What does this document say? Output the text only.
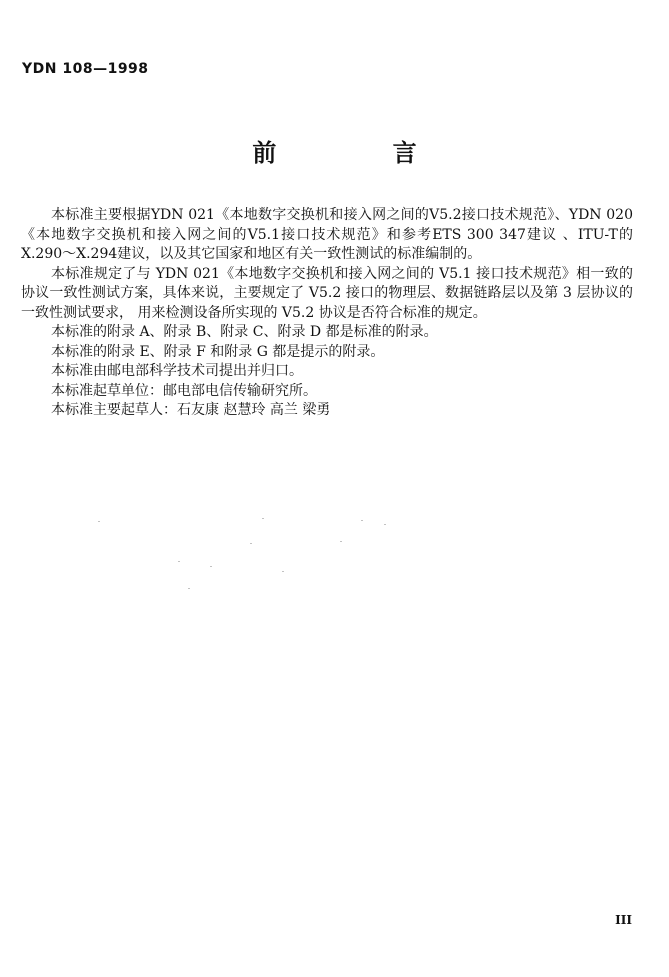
YDN 108—1998
前 言

本标准主要根据YDN 021《本地数字交换机和接入网之间的V5.2接口技术规范》、YDN 020《本地数字交换机和接入网之间的V5.1接口技术规范》和参考ETS 300 347建议 、ITU-T的X.290～X.294建议，以及其它国家和地区有关一致性测试的标准编制的。

本标准规定了与 YDN 021《本地数字交换机和接入网之间的 V5.1 接口技术规范》相一致的协议一致性测试方案，具体来说，主要规定了 V5.2 接口的物理层、数据链路层以及第 3 层协议的一致性测试要求， 用来检测设备所实现的 V5.2 协议是否符合标准的规定。

本标准的附录 A、附录 B、附录 C、附录 D 都是标准的附录。

本标准的附录 E、附录 F 和附录 G 都是提示的附录。

本标准由邮电部科学技术司提出并归口。

本标准起草单位：邮电部电信传输研究所。

本标准主要起草人：石友康 赵慧玲 高兰 梁勇

III
